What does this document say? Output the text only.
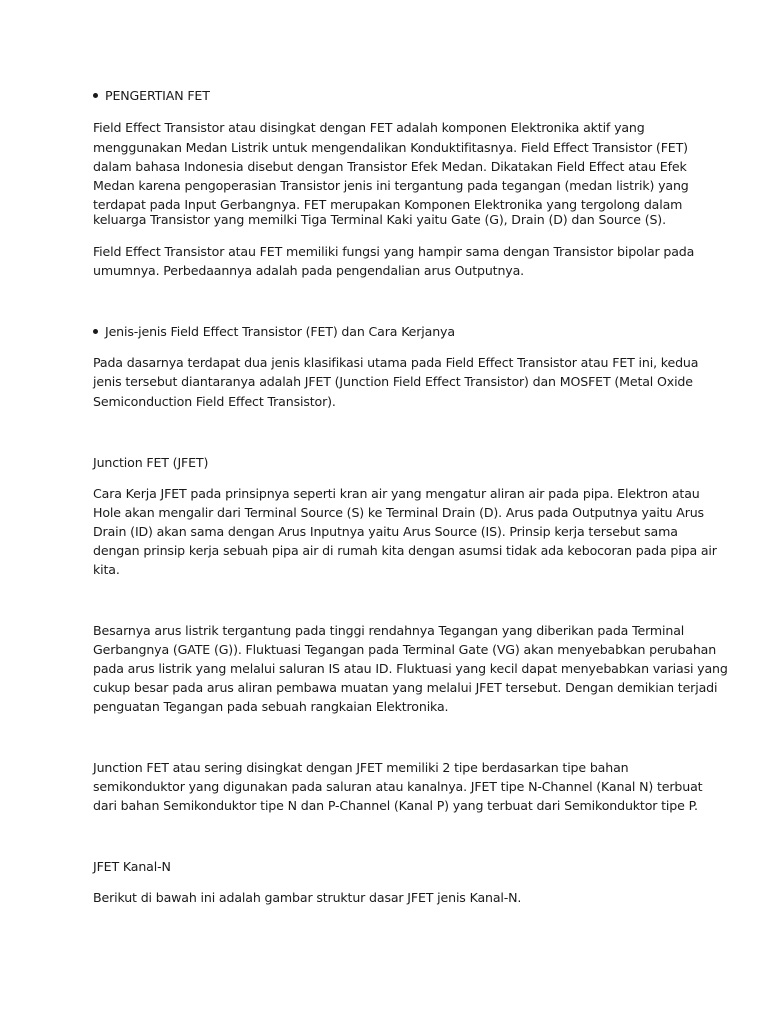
PENGERTIAN FET
Field Effect Transistor atau disingkat dengan FET adalah komponen Elektronika aktif yang
menggunakan Medan Listrik untuk mengendalikan Konduktifitasnya. Field Effect Transistor (FET)
dalam bahasa Indonesia disebut dengan Transistor Efek Medan. Dikatakan Field Effect atau Efek
Medan karena pengoperasian Transistor jenis ini tergantung pada tegangan (medan listrik) yang
terdapat pada Input Gerbangnya. FET merupakan Komponen Elektronika yang tergolong dalam
keluarga Transistor yang memilki Tiga Terminal Kaki yaitu Gate (G), Drain (D) dan Source (S).
Field Effect Transistor atau FET memiliki fungsi yang hampir sama dengan Transistor bipolar pada
umumnya. Perbedaannya adalah pada pengendalian arus Outputnya.
Jenis-jenis Field Effect Transistor (FET) dan Cara Kerjanya
Pada dasarnya terdapat dua jenis klasifikasi utama pada Field Effect Transistor atau FET ini, kedua
jenis tersebut diantaranya adalah JFET (Junction Field Effect Transistor) dan MOSFET (Metal Oxide
Semiconduction Field Effect Transistor).
Junction FET (JFET)
Cara Kerja JFET pada prinsipnya seperti kran air yang mengatur aliran air pada pipa. Elektron atau
Hole akan mengalir dari Terminal Source (S) ke Terminal Drain (D). Arus pada Outputnya yaitu Arus
Drain (ID) akan sama dengan Arus Inputnya yaitu Arus Source (IS). Prinsip kerja tersebut sama
dengan prinsip kerja sebuah pipa air di rumah kita dengan asumsi tidak ada kebocoran pada pipa air
kita.
Besarnya arus listrik tergantung pada tinggi rendahnya Tegangan yang diberikan pada Terminal
Gerbangnya (GATE (G)). Fluktuasi Tegangan pada Terminal Gate (VG) akan menyebabkan perubahan
pada arus listrik yang melalui saluran IS atau ID. Fluktuasi yang kecil dapat menyebabkan variasi yang
cukup besar pada arus aliran pembawa muatan yang melalui JFET tersebut. Dengan demikian terjadi
penguatan Tegangan pada sebuah rangkaian Elektronika.
Junction FET atau sering disingkat dengan JFET memiliki 2 tipe berdasarkan tipe bahan
semikonduktor yang digunakan pada saluran atau kanalnya. JFET tipe N-Channel (Kanal N) terbuat
dari bahan Semikonduktor tipe N dan P-Channel (Kanal P) yang terbuat dari Semikonduktor tipe P.
JFET Kanal-N
Berikut di bawah ini adalah gambar struktur dasar JFET jenis Kanal-N.
